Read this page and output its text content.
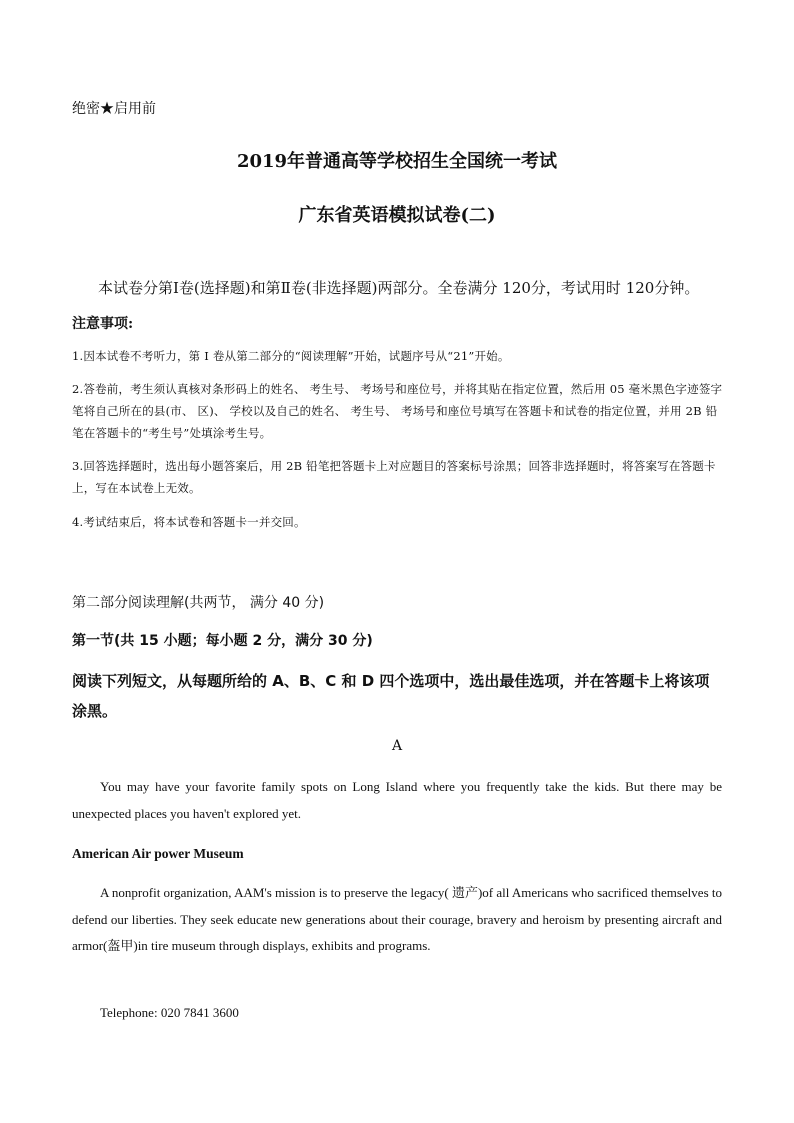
绝密★启用前
2019年普通高等学校招生全国统一考试
广东省英语模拟试卷(二)
本试卷分第Ⅰ卷(选择题)和第Ⅱ卷(非选择题)两部分。全卷满分 120分，考试用时 120分钟。
注意事项:
1.因本试卷不考听力，第 I 卷从第二部分的“阅读理解”开始，试题序号从“21”开始。
2.答卷前，考生须认真核对条形码上的姓名、 考生号、 考场号和座位号，并将其贴在指定位置，然后用 05 毫米黑色字迹签字笔将自己所在的县(市、 区)、 学校以及自己的姓名、 考生号、 考场号和座位号填写在答题卡和试卷的指定位置，并用 2B 铅笔在答题卡的“考生号”处填涂考生号。
3.回答选择题时，选出每小题答案后，用 2B 铅笔把答题卡上对应题目的答案标号涂黑；回答非选择题时，将答案写在答题卡上，写在本试卷上无效。
4.考试结束后，将本试卷和答题卡一并交回。
第二部分阅读理解(共两节， 满分 40 分)
第一节(共 15 小题；每小题 2 分，满分 30 分)
阅读下列短文，从每题所给的 A、B、C 和 D 四个选项中，选出最佳选项，并在答题卡上将该项涂黑。
A
You may have your favorite family spots on Long Island where you frequently take the kids. But there may be unexpected places you haven't explored yet.
American Air power Museum
A nonprofit organization, AAM's mission is to preserve the legacy( 遗产)of all Americans who sacrificed themselves to defend our liberties. They seek educate new generations about their courage, bravery and heroism by presenting aircraft and armor(盔甲)in tire museum through displays, exhibits and programs.
Telephone: 020 7841 3600
